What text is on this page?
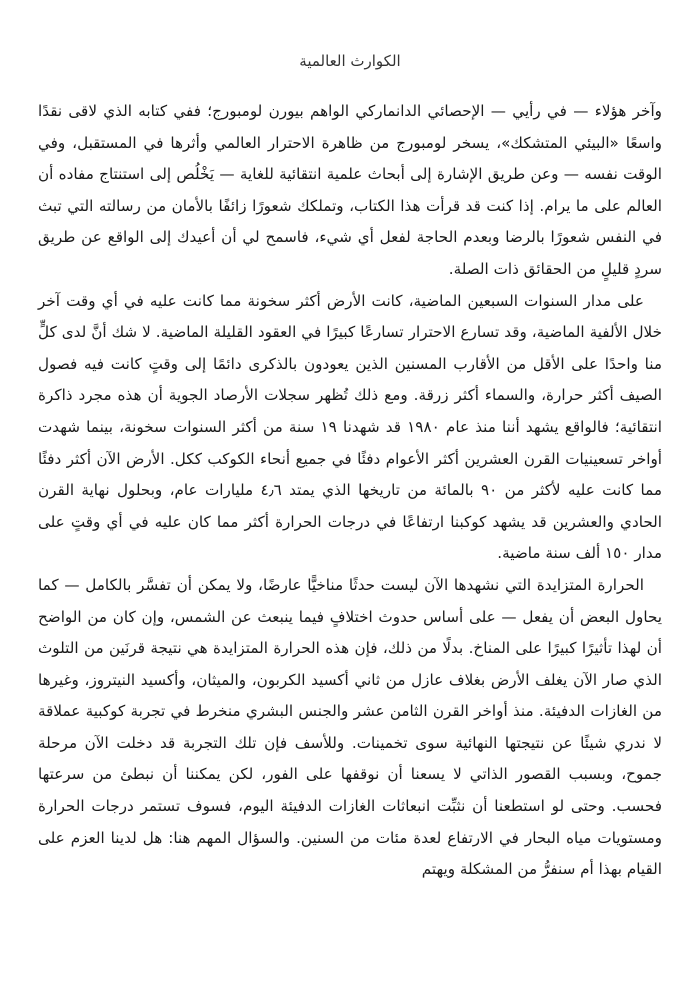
الكوارث العالمية

وآخر هؤلاء — في رأيي — الإحصائي الدانماركي الواهم بيورن لومبورج؛ ففي كتابه الذي لاقى نقدًا واسعًا «البيئي المتشكك»، يسخر لومبورج من ظاهرة الاحترار العالمي وأثرها في المستقبل، وفي الوقت نفسه — وعن طريق الإشارة إلى أبحاث علمية انتقائية للغاية — يَخْلُص إلى استنتاج مفاده أن العالم على ما يرام. إذا كنت قد قرأت هذا الكتاب، وتملكك شعورًا زائفًا بالأمان من رسالته التي تبث في النفس شعورًا بالرضا وبعدم الحاجة لفعل أي شيء، فاسمح لي أن أعيدك إلى الواقع عن طريق سردٍ قليلٍ من الحقائق ذات الصلة.

على مدار السنوات السبعين الماضية، كانت الأرض أكثر سخونة مما كانت عليه في أي وقت آخر خلال الألفية الماضية، وقد تسارع الاحترار تسارعًا كبيرًا في العقود القليلة الماضية. لا شك أنَّ لدى كلٍّ منا واحدًا على الأقل من الأقارب المسنين الذين يعودون بالذكرى دائمًا إلى وقتٍ كانت فيه فصول الصيف أكثر حرارة، والسماء أكثر زرقة. ومع ذلك تُظهر سجلات الأرصاد الجوية أن هذه مجرد ذاكرة انتقائية؛ فالواقع يشهد أننا منذ عام ١٩٨٠ قد شهدنا ١٩ سنة من أكثر السنوات سخونة، بينما شهدت أواخر تسعينيات القرن العشرين أكثر الأعوام دفئًا في جميع أنحاء الكوكب ككل. الأرض الآن أكثر دفئًا مما كانت عليه لأكثر من ٩٠ بالمائة من تاريخها الذي يمتد ٤٫٦ مليارات عام، وبحلول نهاية القرن الحادي والعشرين قد يشهد كوكبنا ارتفاعًا في درجات الحرارة أكثر مما كان عليه في أي وقتٍ على مدار ١٥٠ ألف سنة ماضية.

الحرارة المتزايدة التي نشهدها الآن ليست حدثًا مناخيًّا عارضًا، ولا يمكن أن تفسَّر بالكامل — كما يحاول البعض أن يفعل — على أساس حدوث اختلافٍ فيما ينبعث عن الشمس، وإن كان من الواضح أن لهذا تأثيرًا كبيرًا على المناخ. بدلًا من ذلك، فإن هذه الحرارة المتزايدة هي نتيجة قرنَين من التلوث الذي صار الآن يغلف الأرض بغلاف عازل من ثاني أكسيد الكربون، والميثان، وأكسيد النيتروز، وغيرها من الغازات الدفيئة. منذ أواخر القرن الثامن عشر والجنس البشري منخرط في تجربة كوكبية عملاقة لا ندري شيئًا عن نتيجتها النهائية سوى تخمينات. وللأسف فإن تلك التجربة قد دخلت الآن مرحلة جموح، وبسبب القصور الذاتي لا يسعنا أن نوقفها على الفور، لكن يمكننا أن نبطئ من سرعتها فحسب. وحتى لو استطعنا أن نثبِّت انبعاثات الغازات الدفيئة اليوم، فسوف تستمر درجات الحرارة ومستويات مياه البحار في الارتفاع لعدة مئات من السنين. والسؤال المهم هنا: هل لدينا العزم على القيام بهذا أم سنفرُّ من المشكلة ويهتم
